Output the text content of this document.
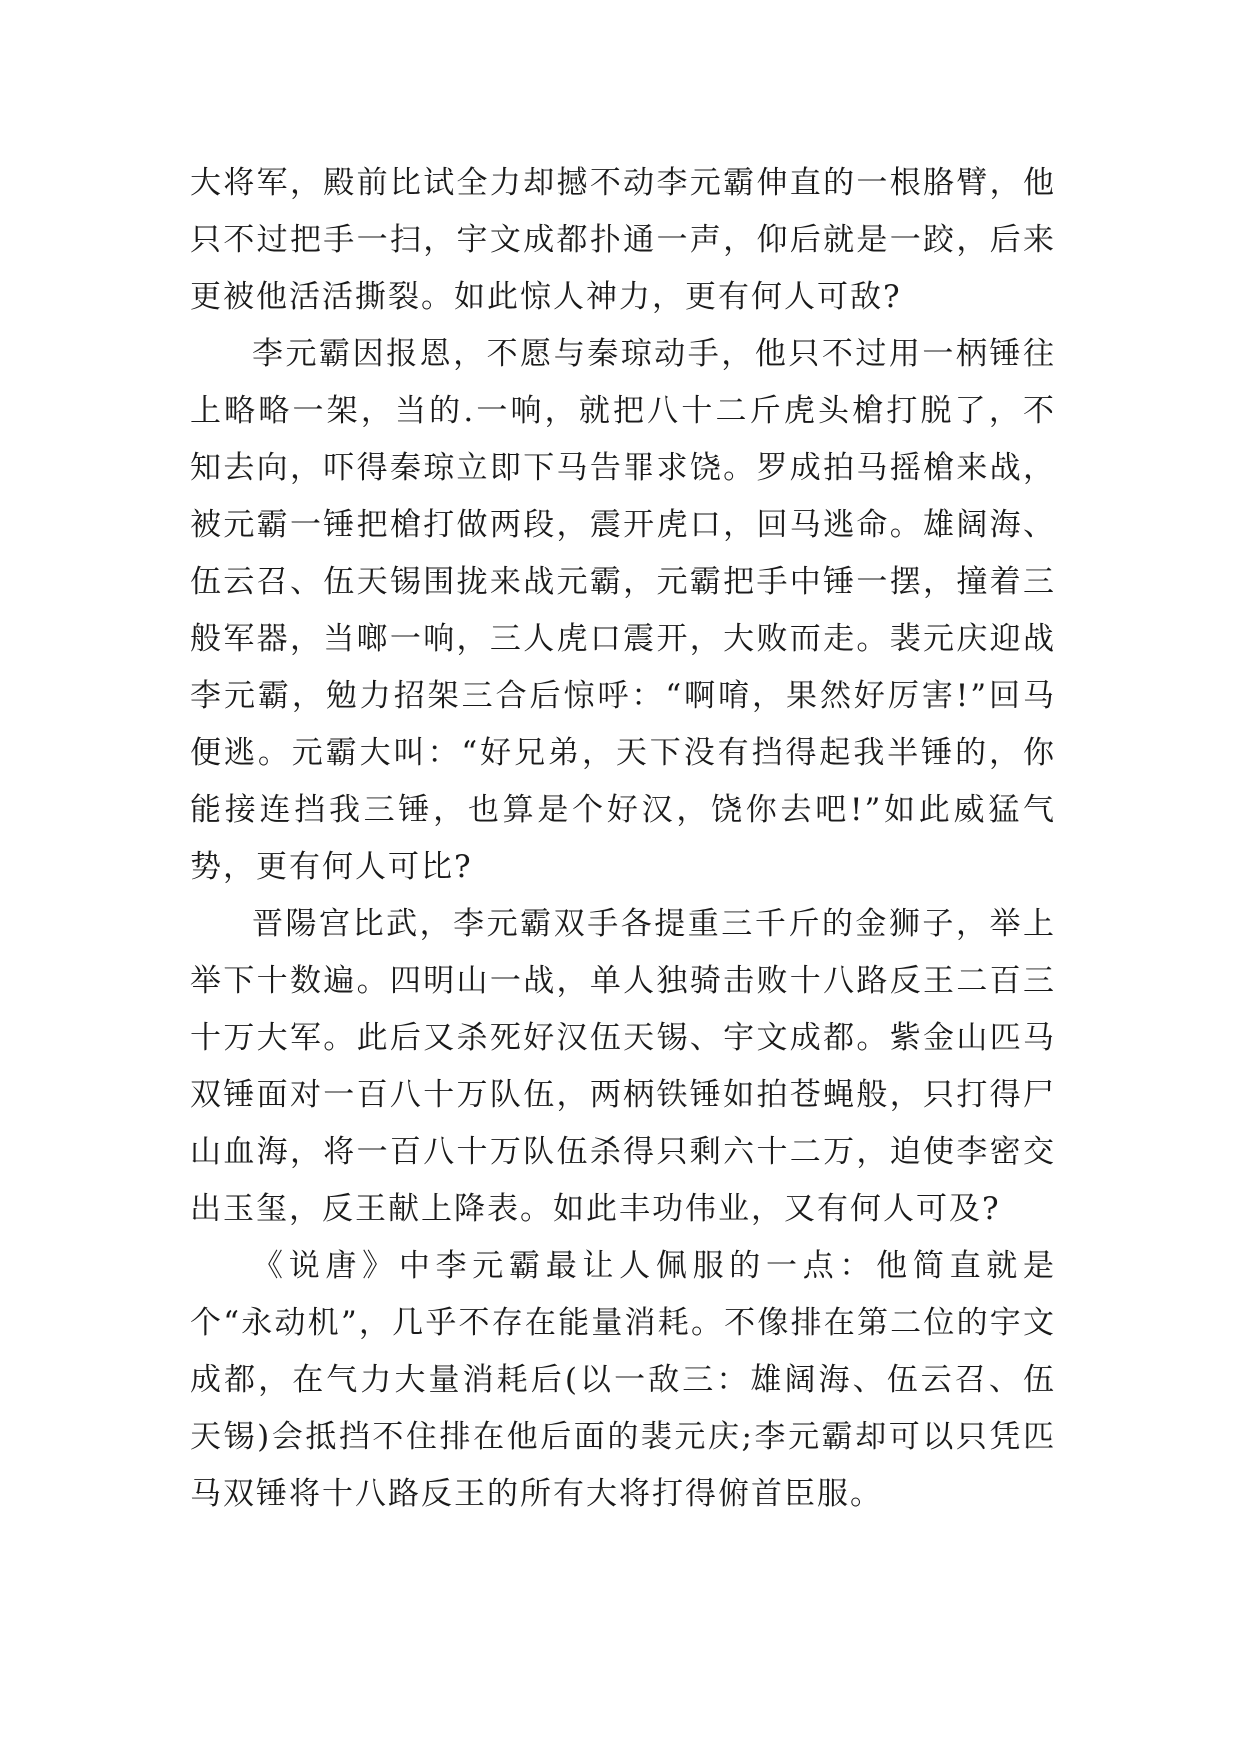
大将军，殿前比试全力却撼不动李元霸伸直的一根胳臂，他只不过把手一扫，宇文成都扑通一声，仰后就是一跤，后来更被他活活撕裂。如此惊人神力，更有何人可敌?

李元霸因报恩，不愿与秦琼动手，他只不过用一柄锤往上略略一架，当的.一响，就把八十二斤虎头槍打脱了，不知去向，吓得秦琼立即下马告罪求饶。罗成拍马摇槍来战，被元霸一锤把槍打做两段，震开虎口，回马逃命。雄阔海、伍云召、伍天锡围拢来战元霸，元霸把手中锤一摆，撞着三般军器，当啷一响，三人虎口震开，大败而走。裴元庆迎战李元霸，勉力招架三合后惊呼：“啊唷，果然好厉害!”回马便逃。元霸大叫：“好兄弟，天下没有挡得起我半锤的，你能接连挡我三锤，也算是个好汉，饶你去吧!”如此威猛气势，更有何人可比?

晋陽宫比武，李元霸双手各提重三千斤的金狮子，举上举下十数遍。四明山一战，单人独骑击败十八路反王二百三十万大军。此后又杀死好汉伍天锡、宇文成都。紫金山匹马双锤面对一百八十万队伍，两柄铁锤如拍苍蝇般，只打得尸山血海，将一百八十万队伍杀得只剩六十二万，迫使李密交出玉玺，反王献上降表。如此丰功伟业，又有何人可及?

《说唐》中李元霸最让人佩服的一点：他简直就是个“永动机”，几乎不存在能量消耗。不像排在第二位的宇文成都，在气力大量消耗后(以一敌三：雄阔海、伍云召、伍天锡)会抵挡不住排在他后面的裴元庆;李元霸却可以只凭匹马双锤将十八路反王的所有大将打得俯首臣服。
